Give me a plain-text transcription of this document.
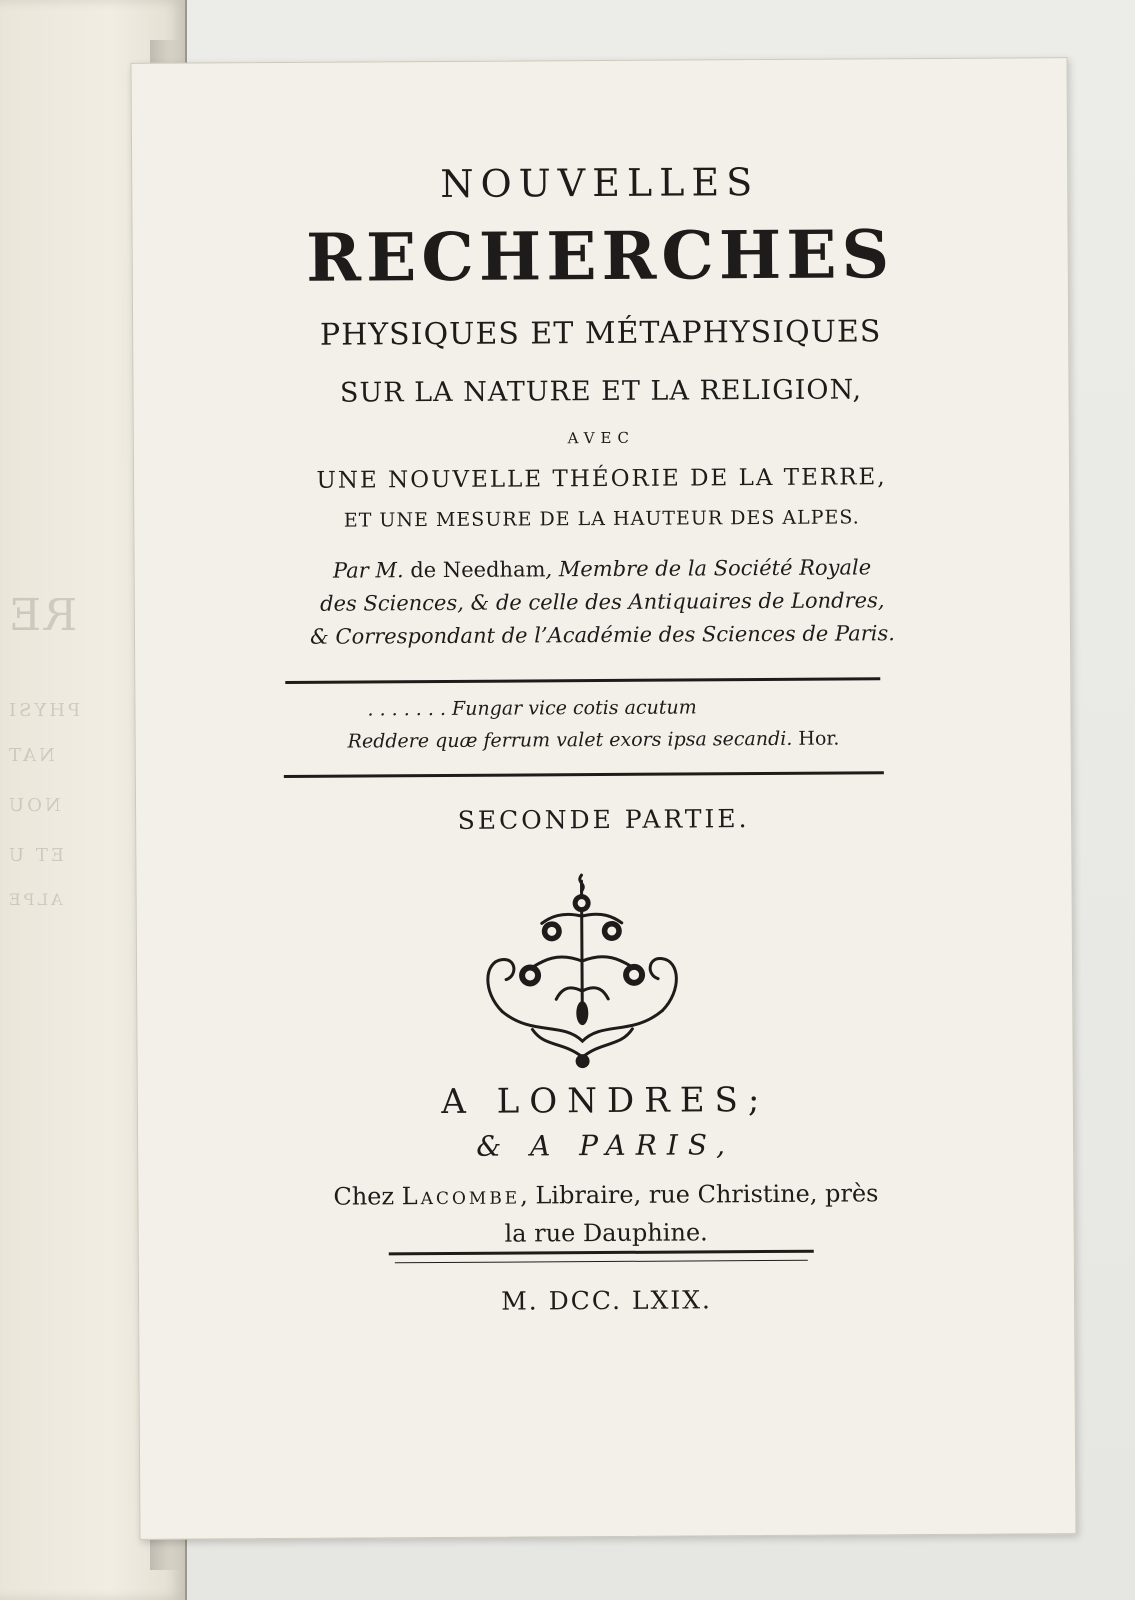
RE
PHYSI
NAT
NOU
ET U
ALPE
NOUVELLES
RECHERCHES
PHYSIQUES ET MÉTAPHYSIQUES
SUR LA NATURE ET LA RELIGION,
AVEC
UNE NOUVELLE THÉORIE DE LA TERRE,
ET UNE MESURE DE LA HAUTEUR DES ALPES.
Par M. de Needham, Membre de la Société Royale
des Sciences, & de celle des Antiquaires de Londres,
& Correspondant de l’Académie des Sciences de Paris.
. . . . . . . Fungar vice cotis acutum
Reddere quæ ferrum valet exors ipsa secandi. Hor.
SECONDE PARTIE.
A LONDRES;
& A PARIS,
Chez Lacombe, Libraire, rue Christine, près
la rue Dauphine.
M. DCC. LXIX.
